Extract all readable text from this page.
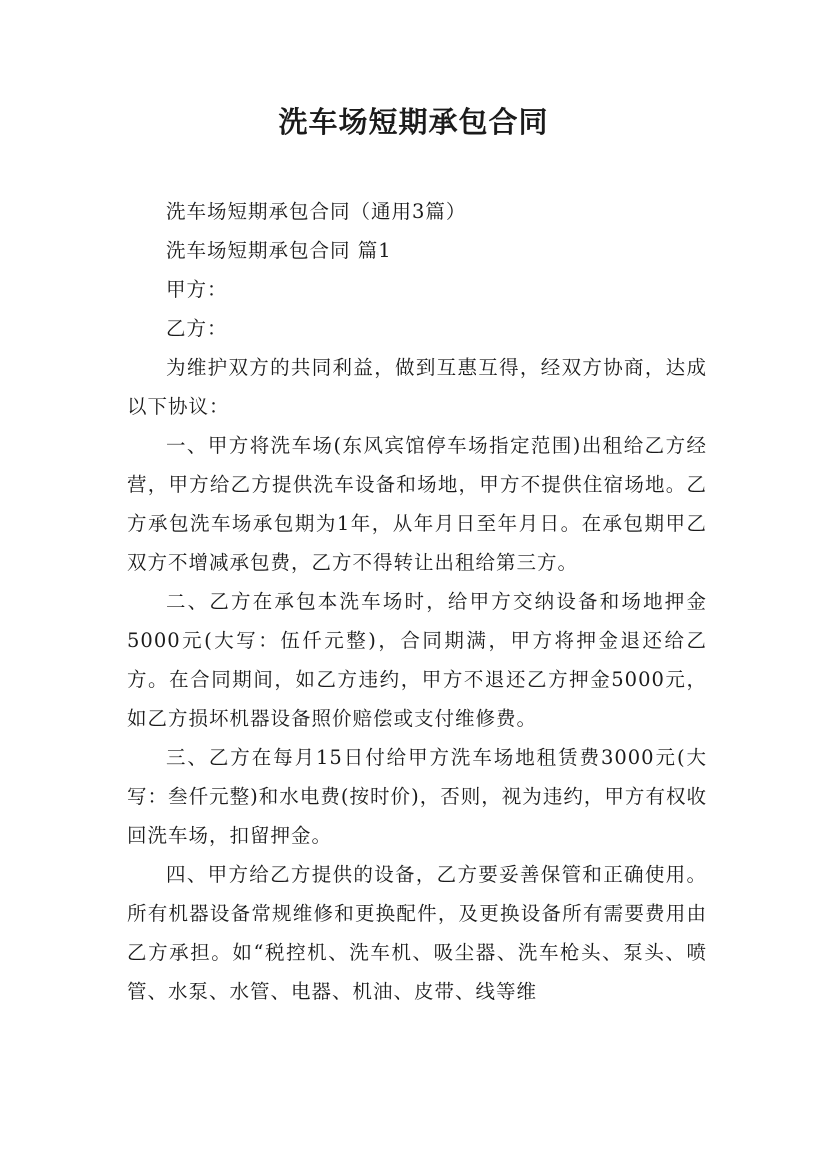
洗车场短期承包合同

洗车场短期承包合同（通用3篇）

洗车场短期承包合同 篇1

甲方：

乙方：

为维护双方的共同利益，做到互惠互得，经双方协商，达成以下协议：

一、甲方将洗车场(东风宾馆停车场指定范围)出租给乙方经营，甲方给乙方提供洗车设备和场地，甲方不提供住宿场地。乙方承包洗车场承包期为1年，从年月日至年月日。在承包期甲乙双方不增减承包费，乙方不得转让出租给第三方。

二、乙方在承包本洗车场时，给甲方交纳设备和场地押金5000元(大写：伍仟元整)，合同期满，甲方将押金退还给乙方。在合同期间，如乙方违约，甲方不退还乙方押金5000元，如乙方损坏机器设备照价赔偿或支付维修费。

三、乙方在每月15日付给甲方洗车场地租赁费3000元(大写：叁仟元整)和水电费(按时价)，否则，视为违约，甲方有权收回洗车场，扣留押金。

四、甲方给乙方提供的设备，乙方要妥善保管和正确使用。所有机器设备常规维修和更换配件，及更换设备所有需要费用由乙方承担。如“税控机、洗车机、吸尘器、洗车枪头、泵头、喷管、水泵、水管、电器、机油、皮带、线等维
